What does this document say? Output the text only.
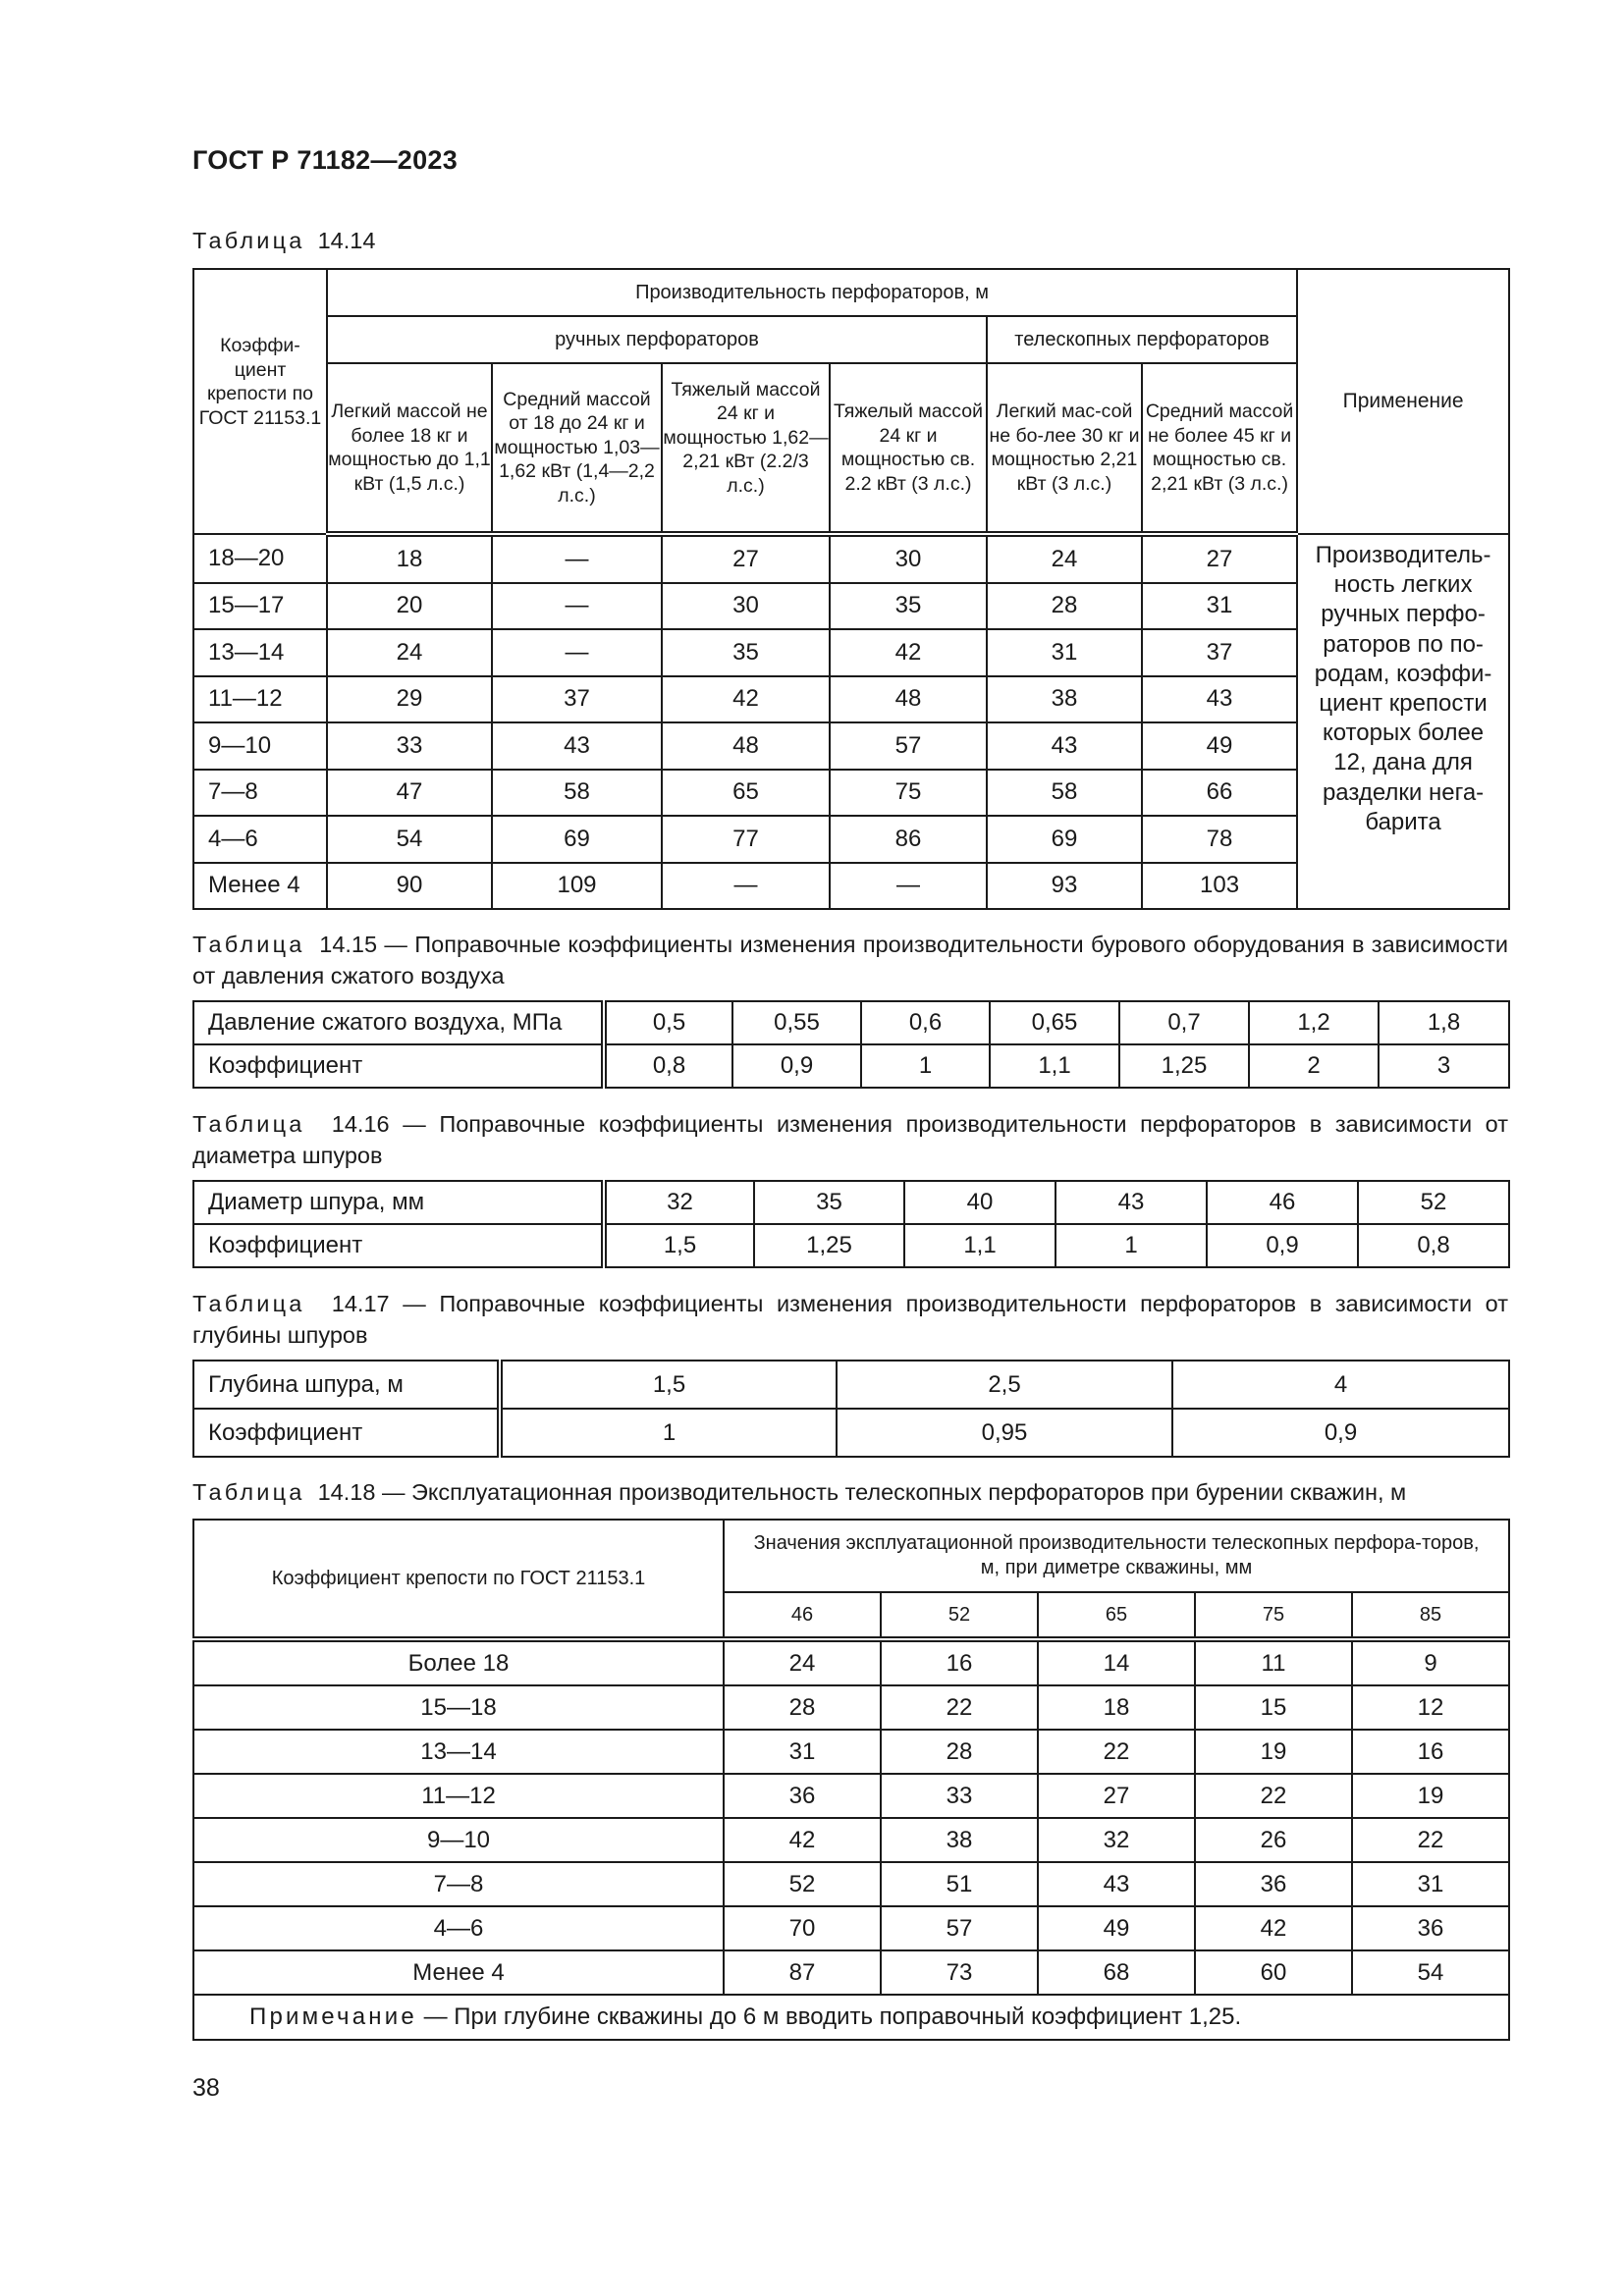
ГОСТ Р 71182—2023
Таблица 14.14
Коэффи-циент крепости по ГОСТ 21153.1	Производительность перфораторов, м						Применение
	ручных перфораторов				телескопных перфораторов		
	Легкий массой не более 18 кг и мощностью до 1,1 кВт (1,5 л.с.)	Средний массой от 18 до 24 кг и мощностью 1,03—1,62 кВт (1,4—2,2 л.с.)	Тяжелый массой 24 кг и мощностью 1,62—2,21 кВт (2.2/3 л.с.)	Тяжелый массой 24 кг и мощностью св. 2.2 кВт (3 л.с.)	Легкий мас-сой не бо-лее 30 кг и мощностью 2,21 кВт (3 л.с.)	Средний массой не более 45 кг и мощностью св. 2,21 кВт (3 л.с.)	
18—20	18	—	27	30	24	27	Производитель-ность легких ручных перфо-раторов по по-родам, коэффи-циент крепости которых более 12, дана для разделки нега-барита
15—17	20	—	30	35	28	31	
13—14	24	—	35	42	31	37	
11—12	29	37	42	48	38	43	
9—10	33	43	48	57	43	49	
7—8	47	58	65	75	58	66	
4—6	54	69	77	86	69	78	
Менее 4	90	109	—	—	93	103	
Таблица 14.15 — Поправочные коэффициенты изменения производительности бурового оборудования в зависимости от давления сжатого воздуха
Давление сжатого воздуха, МПа	0,5	0,55	0,6	0,65	0,7	1,2	1,8
Коэффициент	0,8	0,9	1	1,1	1,25	2	3
Таблица 14.16 — Поправочные коэффициенты изменения производительности перфораторов в зависимости от диаметра шпуров
Диаметр шпура, мм	32	35	40	43	46	52
Коэффициент	1,5	1,25	1,1	1	0,9	0,8
Таблица 14.17 — Поправочные коэффициенты изменения производительности перфораторов в зависимости от глубины шпуров
Глубина шпура, м	1,5	2,5	4
Коэффициент	1	0,95	0,9
Таблица 14.18 — Эксплуатационная производительность телескопных перфораторов при бурении скважин, м
Коэффициент крепости по ГОСТ 21153.1	Значения эксплуатационной производительности телескопных перфора-торов, м, при диметре скважины, мм				
	46	52	65	75	85
Более 18	24	16	14	11	9
15—18	28	22	18	15	12
13—14	31	28	22	19	16
11—12	36	33	27	22	19
9—10	42	38	32	26	22
7—8	52	51	43	36	31
4—6	70	57	49	42	36
Менее 4	87	73	68	60	54
Примечание — При глубине скважины до 6 м вводить поправочный коэффициент 1,25.					
38
